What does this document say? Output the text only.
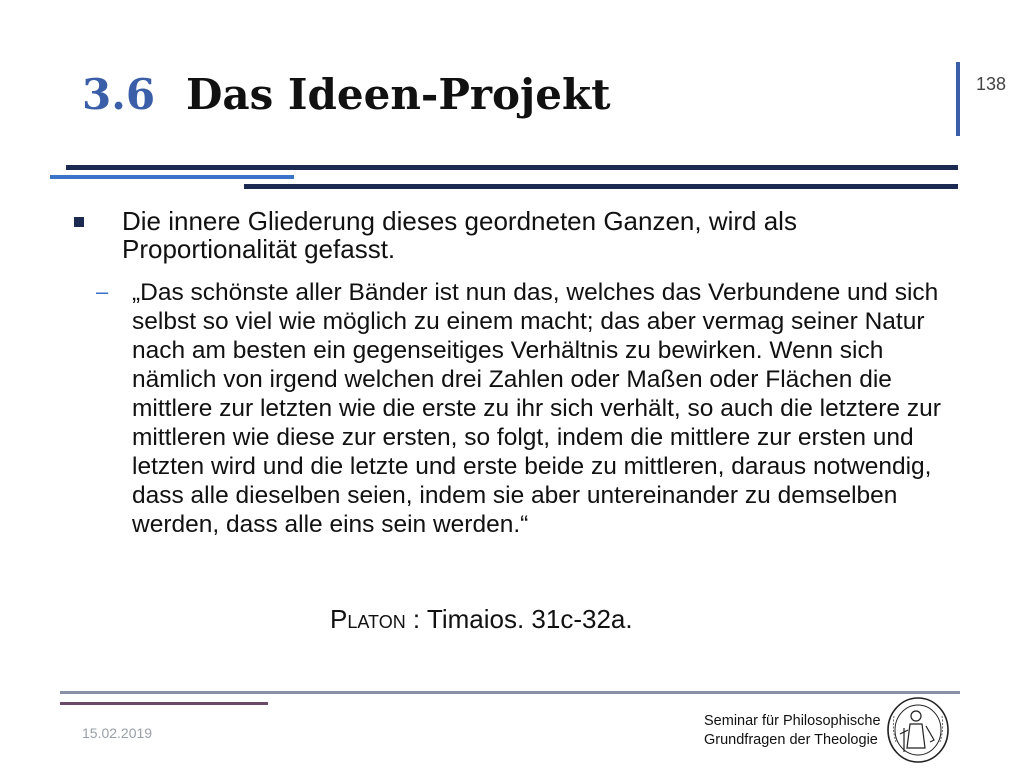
3.6 Das Ideen-Projekt	138
Die innere Gliederung dieses geordneten Ganzen, wird als Proportionalität gefasst.
– „Das schönste aller Bänder ist nun das, welches das Verbundene und sich selbst so viel wie möglich zu einem macht; das aber vermag seiner Natur nach am besten ein gegenseitiges Verhältnis zu bewirken. Wenn sich nämlich von irgend welchen drei Zahlen oder Maßen oder Flächen die mittlere zur letzten wie die erste zu ihr sich verhält, so auch die letztere zur mittleren wie diese zur ersten, so folgt, indem die mittlere zur ersten und letzten wird und die letzte und erste beide zu mittleren, daraus notwendig, dass alle dieselben seien, indem sie aber untereinander zu demselben werden, dass alle eins sein werden.“
Platon : Timaios. 31c-32a.
15.02.2019
Seminar für Philosophische
Grundfragen der Theologie
